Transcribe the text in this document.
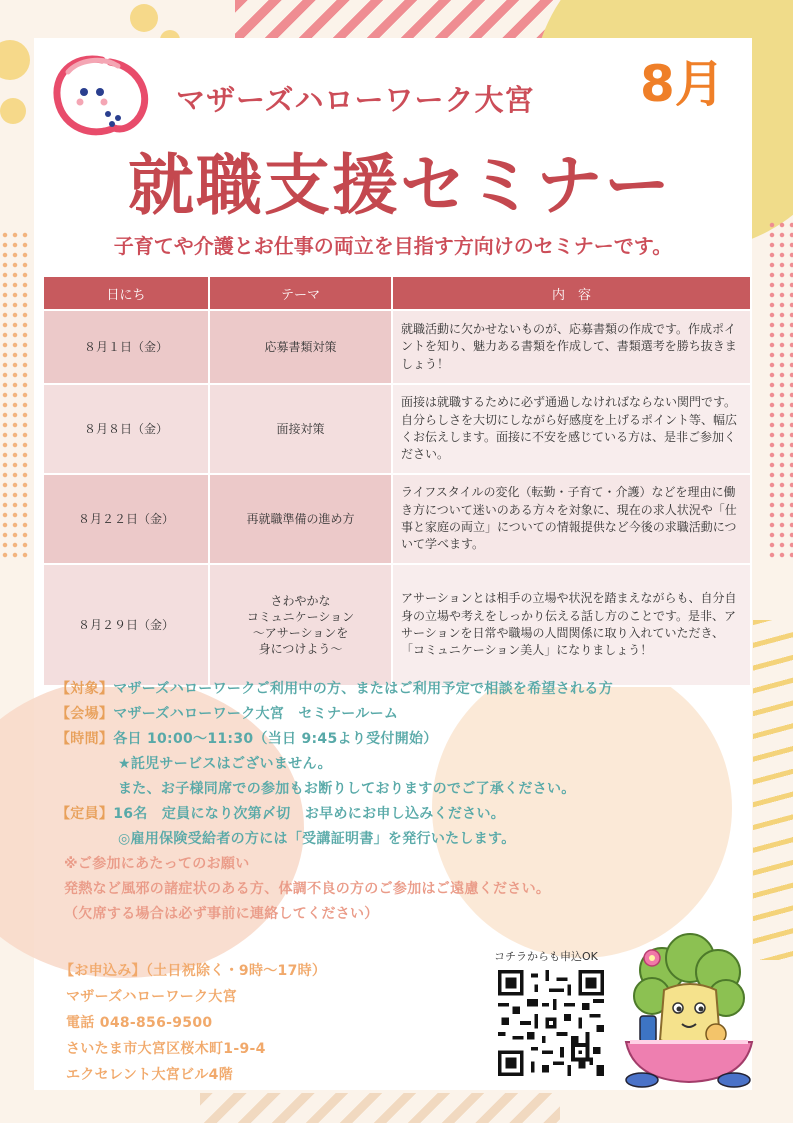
マザーズハローワーク大宮 8月
就職支援セミナー
子育てや介護とお仕事の両立を目指す方向けのセミナーです。
日にち	テーマ	内　容
８月１日（金）	応募書類対策	就職活動に欠かせないものが、応募書類の作成です。作成ポイントを知り、魅力ある書類を作成して、書類選考を勝ち抜きましょう！
８月８日（金）	面接対策	面接は就職するために必ず通過しなければならない関門です。自分らしさを大切にしながら好感度を上げるポイント等、幅広くお伝えします。面接に不安を感じている方は、是非ご参加ください。
８月２２日（金）	再就職準備の進め方	ライフスタイルの変化（転勤・子育て・介護）などを理由に働き方について迷いのある方々を対象に、現在の求人状況や「仕事と家庭の両立」についての情報提供など今後の求職活動について学べます。
８月２９日（金）	さわやかな
コミュニケーション
～アサーションを
身につけよう～	アサーションとは相手の立場や状況を踏まえながらも、自分自身の立場や考えをしっかり伝える話し方のことです。是非、アサーションを日常や職場の人間関係に取り入れていただき、「コミュニケーション美人」になりましょう！
【対象】マザーズハローワークご利用中の方、またはご利用予定で相談を希望される方
【会場】マザーズハローワーク大宮　セミナールーム
【時間】各日 10:00～11:30（当日 9:45より受付開始）
★託児サービスはございません。
また、お子様同席での参加もお断りしておりますのでご了承ください。
【定員】16名　定員になり次第〆切　お早めにお申し込みください。
◎雇用保険受給者の方には「受講証明書」を発行いたします。
※ご参加にあたってのお願い
発熱など風邪の諸症状のある方、体調不良の方のご参加はご遠慮ください。
（欠席する場合は必ず事前に連絡してください）
【お申込み】（土日祝除く・9時～17時）
マザーズハローワーク大宮
電話 048-856-9500
さいたま市大宮区桜木町1-9-4
エクセレント大宮ビル4階
コチラからも申込OK
